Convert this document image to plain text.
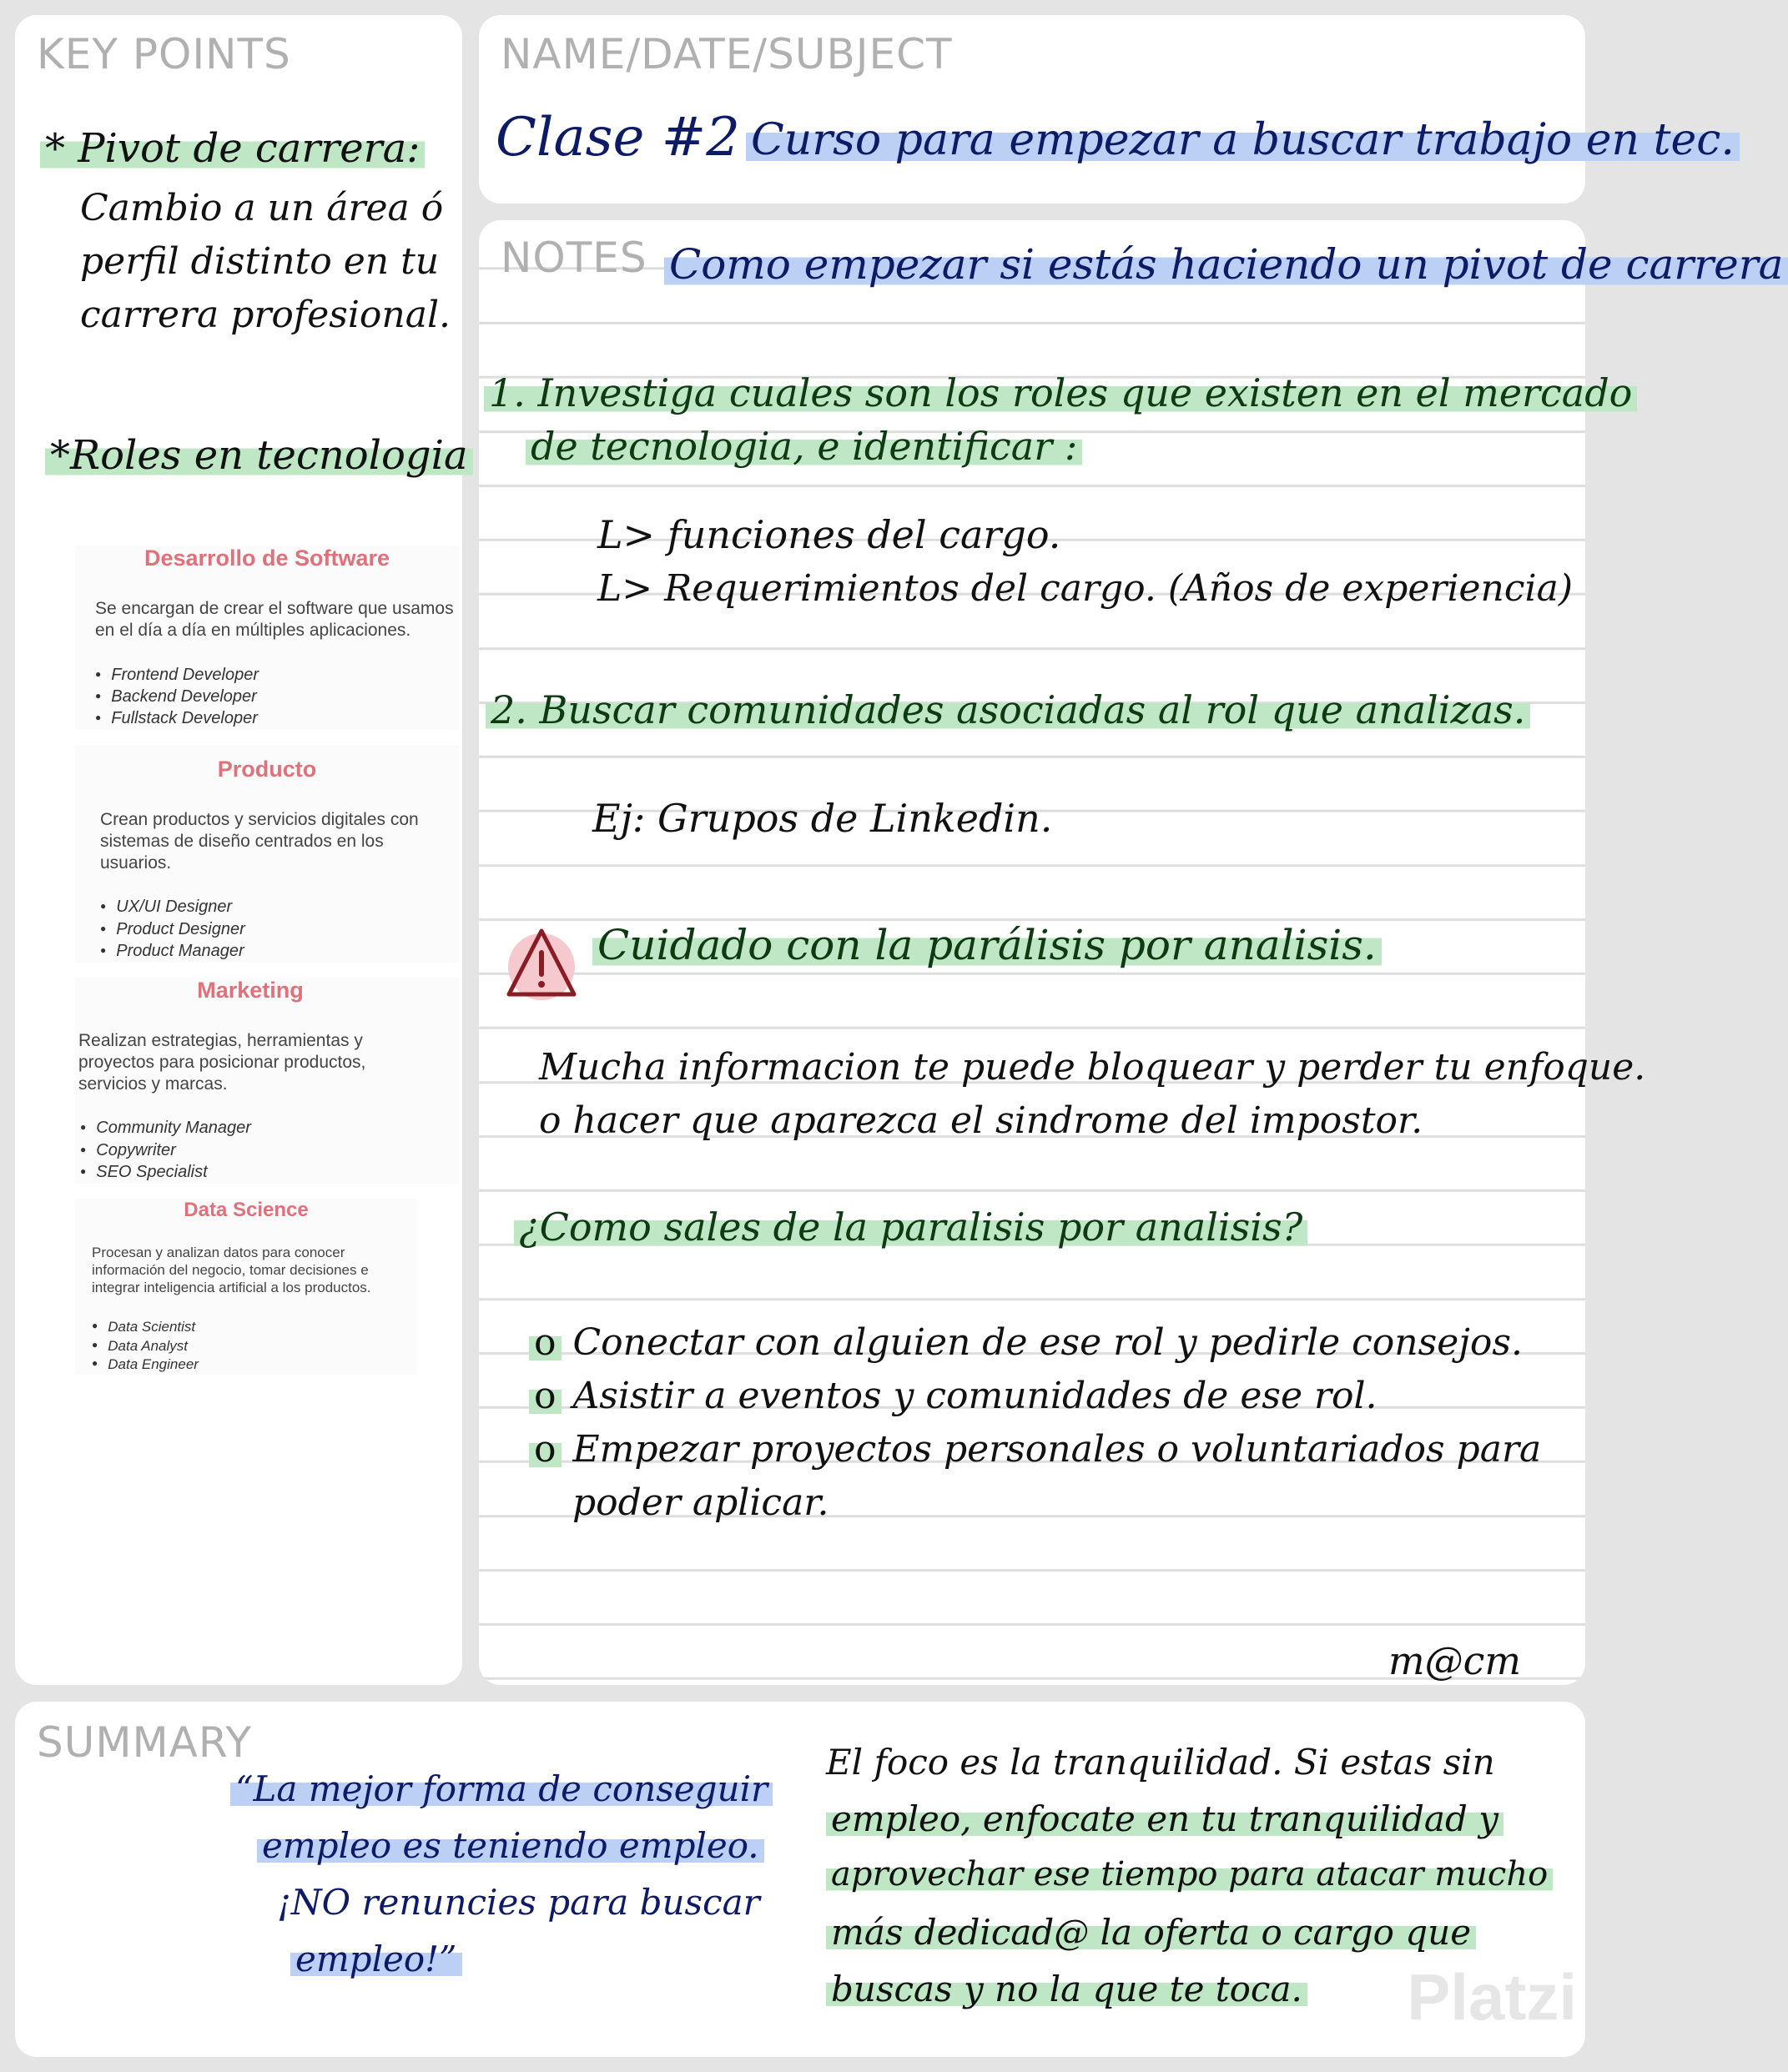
KEY POINTS

* Pivot de carrera:

Cambio a un área ó

perfil distinto en tu

carrera profesional.

*Roles en tecnologia

Desarrollo de Software

Se encargan de crear el software que usamos en el día a día en múltiples aplicaciones.

● Frontend Developer
● Backend Developer
● Fullstack Developer
Producto

Crean productos y servicios digitales con sistemas de diseño centrados en los usuarios.

● UX/UI Designer
● Product Designer
● Product Manager
Marketing

Realizan estrategias, herramientas y proyectos para posicionar productos, servicios y marcas.

● Community Manager
● Copywriter
● SEO Specialist
Data Science

Procesan y analizan datos para conocer información del negocio, tomar decisiones e integrar inteligencia artificial a los productos.

● Data Scientist
● Data Analyst
● Data Engineer

NAME/DATE/SUBJECT

Clase #2 Curso para empezar a buscar trabajo en tec.

NOTES Como empezar si estás haciendo un pivot de carrera

1. Investiga cuales son los roles que existen en el mercado

de tecnologia, e identificar :

L> funciones del cargo.

L> Requerimientos del cargo. (Años de experiencia)

2. Buscar comunidades asociadas al rol que analizas.

Ej: Grupos de Linkedin.

Cuidado con la parálisis por analisis.

Mucha informacion te puede bloquear y perder tu enfoque.

o hacer que aparezca el sindrome del impostor.

¿Como sales de la paralisis por analisis?

o Conectar con alguien de ese rol y pedirle consejos.

o Asistir a eventos y comunidades de ese rol.

o Empezar proyectos personales o voluntariados para

poder aplicar.

m@cm

SUMMARY

“La mejor forma de conseguir

empleo es teniendo empleo.

¡NO renuncies para buscar

empleo!”

El foco es la tranquilidad. Si estas sin

empleo, enfocate en tu tranquilidad y

aprovechar ese tiempo para atacar mucho

más dedicad@ la oferta o cargo que

buscas y no la que te toca. Platzi
